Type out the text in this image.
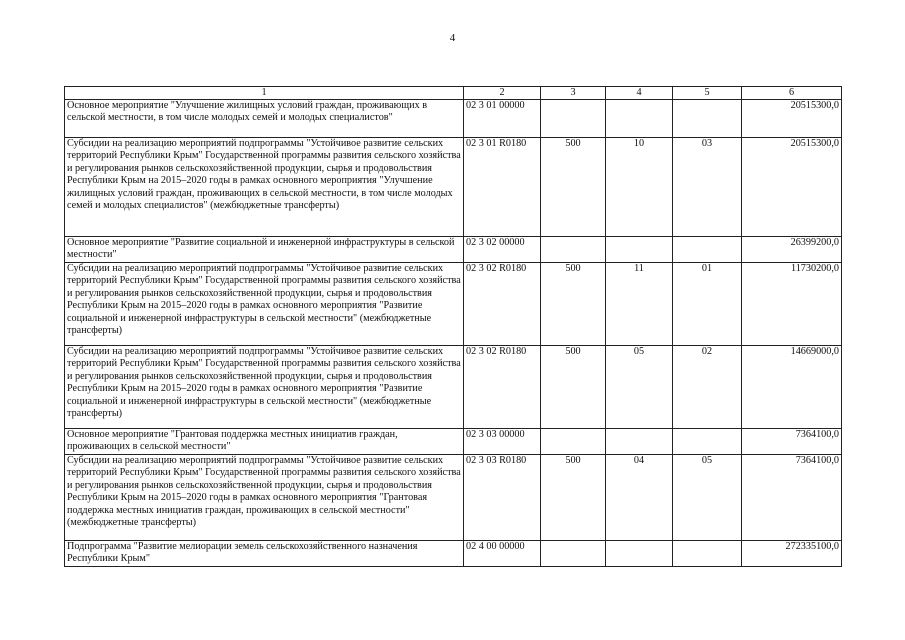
4
1	2	3	4	5	6
Основное мероприятие "Улучшение жилищных условий граждан, проживающих в сельской местности, в том числе молодых семей и молодых специалистов"	02 3 01 00000				20515300,0
Субсидии на реализацию мероприятий подпрограммы "Устойчивое развитие сельских территорий Республики Крым" Государственной программы развития сельского хозяйства и регулирования рынков сельскохозяйственной продукции, сырья и продовольствия Республики Крым на 2015–2020 годы в рамках основного мероприятия "Улучшение жилищных условий граждан, проживающих в сельской местности, в том числе молодых семей и молодых специалистов" (межбюджетные трансферты)	02 3 01 R0180	500	10	03	20515300,0
Основное мероприятие "Развитие социальной и инженерной инфраструктуры в сельской местности"	02 3 02 00000				26399200,0
Субсидии на реализацию мероприятий подпрограммы "Устойчивое развитие сельских территорий Республики Крым" Государственной программы развития сельского хозяйства и регулирования рынков сельскохозяйственной продукции, сырья и продовольствия Республики Крым на 2015–2020 годы в рамках основного мероприятия "Развитие социальной и инженерной инфраструктуры в сельской местности" (межбюджетные трансферты)	02 3 02 R0180	500	11	01	11730200,0
Субсидии на реализацию мероприятий подпрограммы "Устойчивое развитие сельских территорий Республики Крым" Государственной программы развития сельского хозяйства и регулирования рынков сельскохозяйственной продукции, сырья и продовольствия Республики Крым на 2015–2020 годы в рамках основного мероприятия "Развитие социальной и инженерной инфраструктуры в сельской местности" (межбюджетные трансферты)	02 3 02 R0180	500	05	02	14669000,0
Основное мероприятие "Грантовая поддержка местных инициатив граждан, проживающих в сельской местности"	02 3 03 00000				7364100,0
Субсидии на реализацию мероприятий подпрограммы "Устойчивое развитие сельских территорий Республики Крым" Государственной программы развития сельского хозяйства и регулирования рынков сельскохозяйственной продукции, сырья и продовольствия Республики Крым на 2015–2020 годы в рамках основного мероприятия "Грантовая поддержка местных инициатив граждан, проживающих в сельской местности" (межбюджетные трансферты)	02 3 03 R0180	500	04	05	7364100,0
Подпрограмма "Развитие мелиорации земель сельскохозяйственного назначения Республики Крым"	02 4 00 00000				272335100,0
